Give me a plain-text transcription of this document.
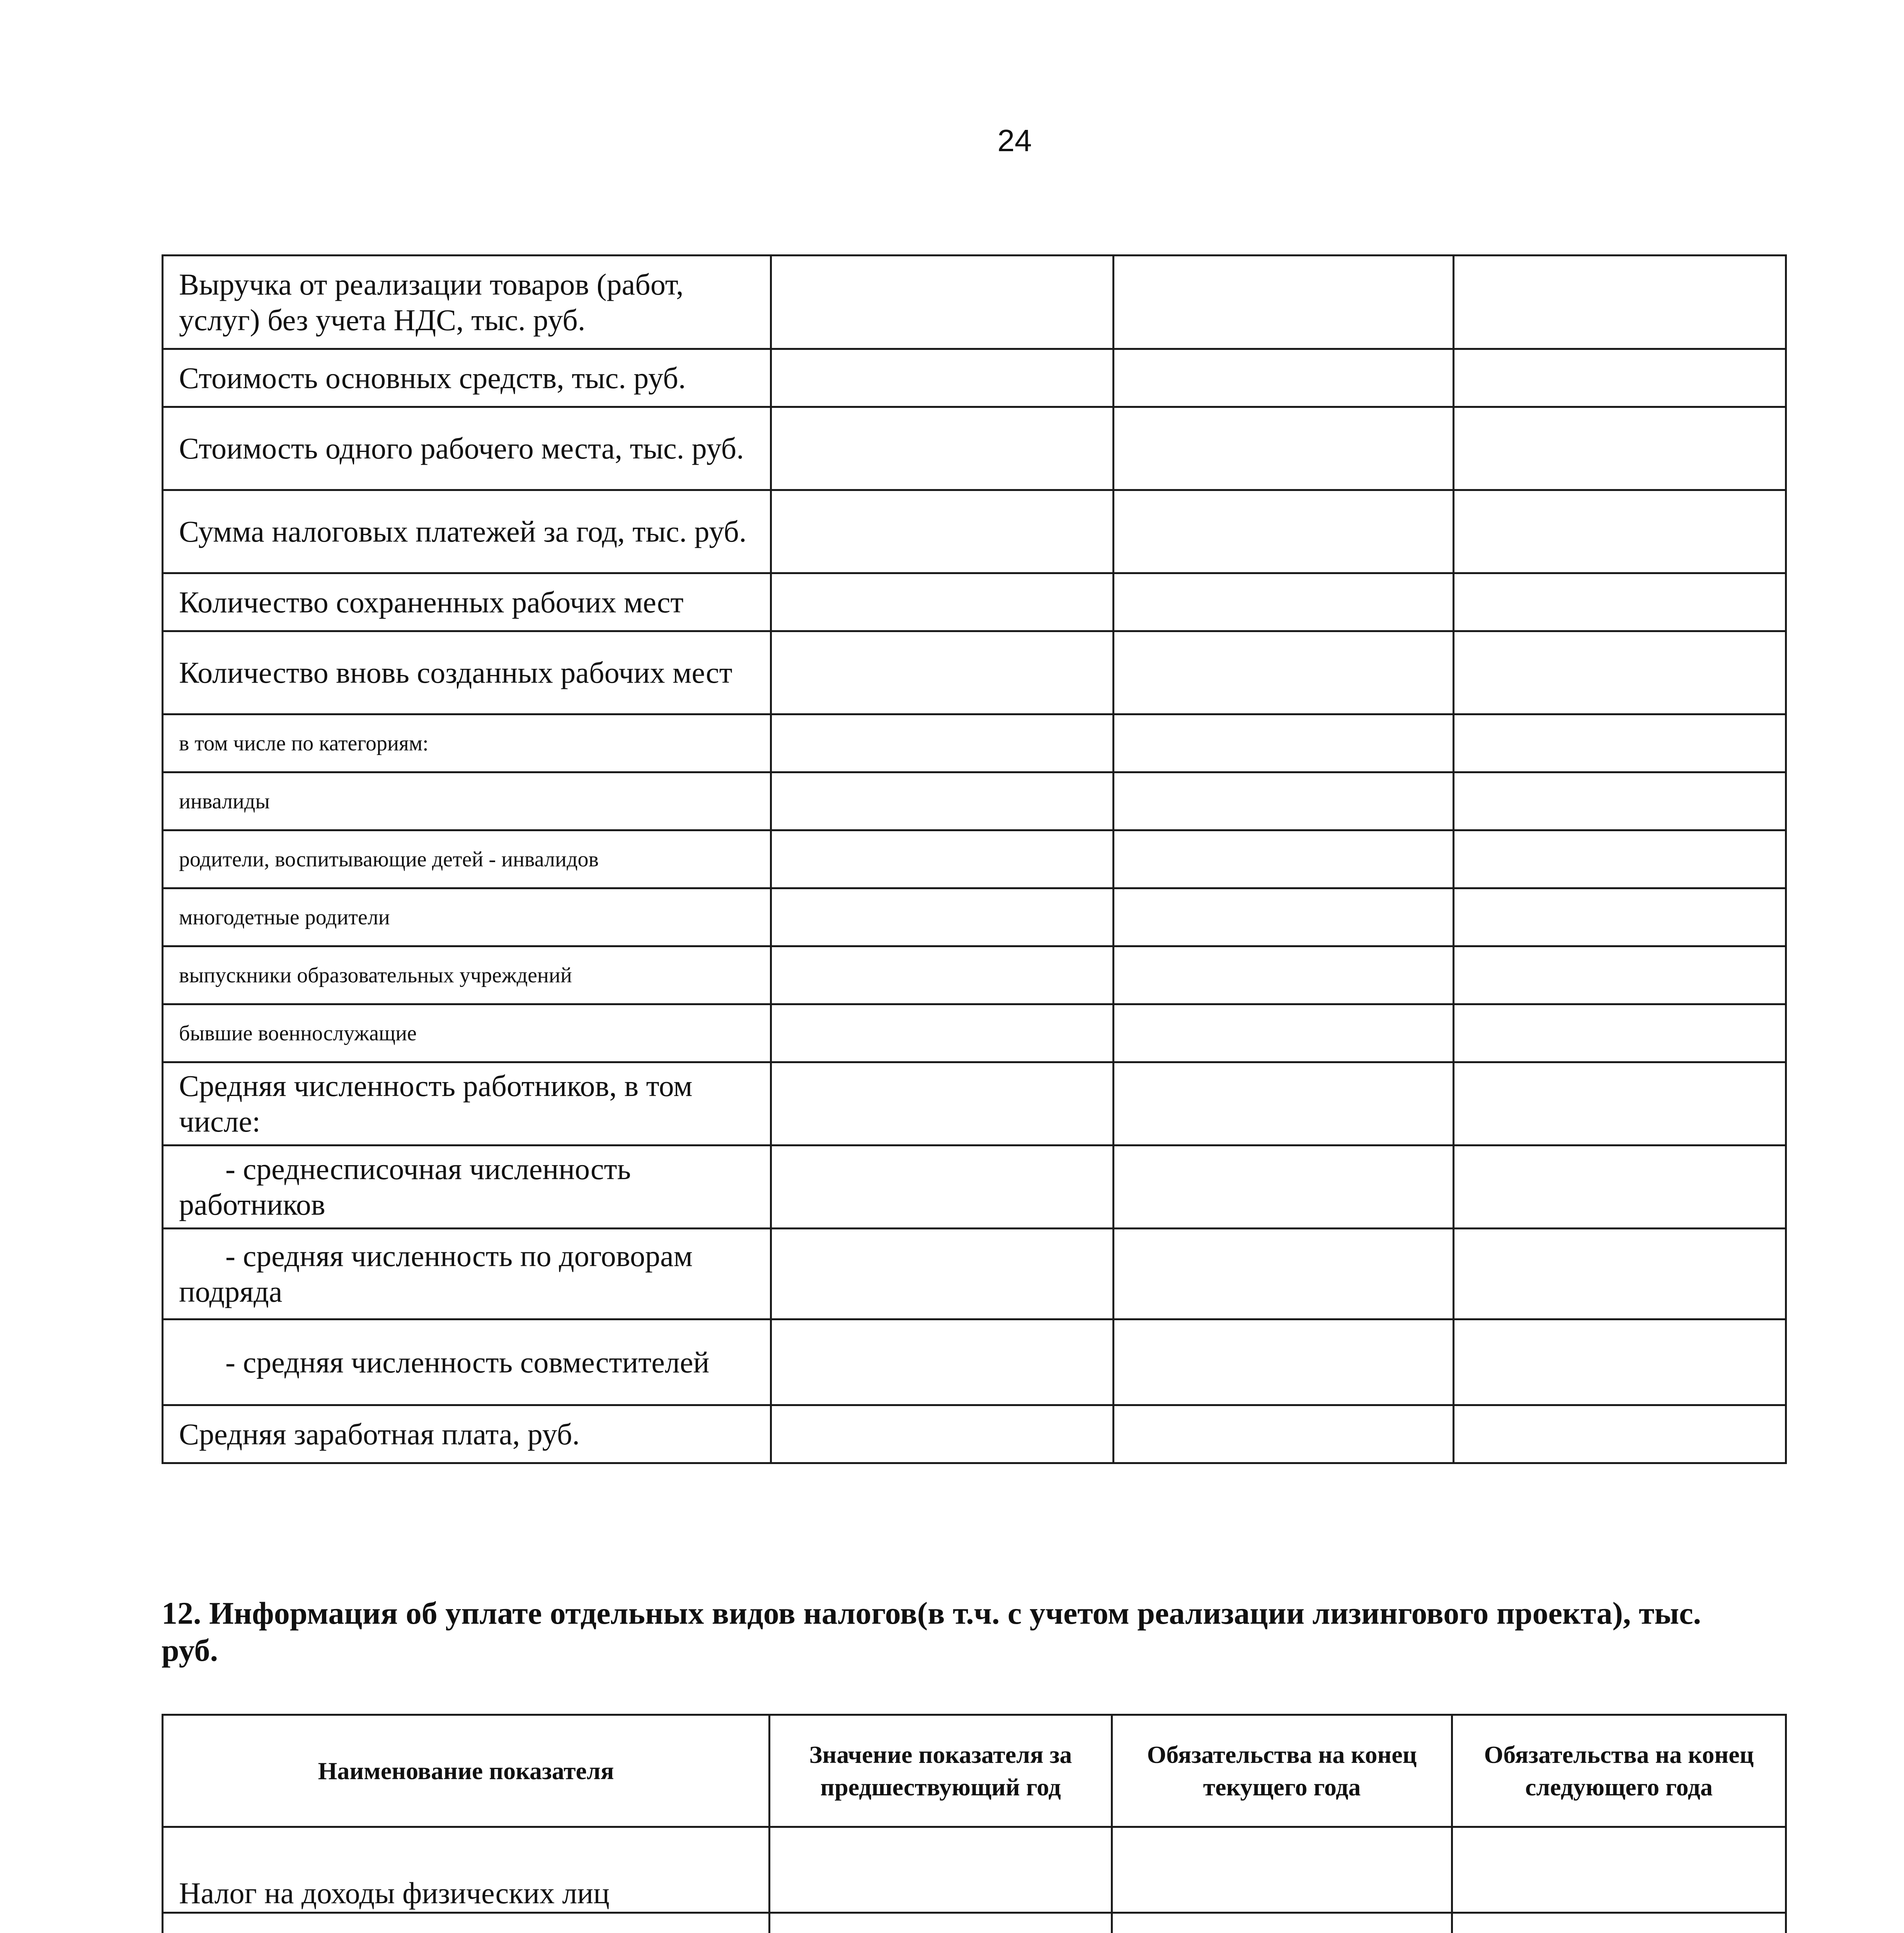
24
Выручка от реализации товаров (работ, услуг) без учета НДС, тыс. руб.			
Стоимость основных средств, тыс. руб.			
Стоимость одного рабочего места, тыс. руб.			
Сумма налоговых платежей за год, тыс. руб.			
Количество сохраненных рабочих мест			
Количество вновь созданных рабочих мест			
в том числе по категориям:			
инвалиды			
родители, воспитывающие детей - инвалидов			
многодетные родители			
выпускники образовательных учреждений			
бывшие военнослужащие			
Средняя численность работников, в том числе:			
- среднесписочная численность работников			
- средняя численность по договорам подряда			
- средняя численность совместителей			
Средняя заработная плата, руб.			
12. Информация об уплате отдельных видов налогов(в т.ч. с учетом реализации лизингового проекта), тыс. руб.
Наименование показателя	Значение показателя за предшествующий год	Обязательства на конец текущего года	Обязательства на конец следующего года
Налог на доходы физических лиц			
